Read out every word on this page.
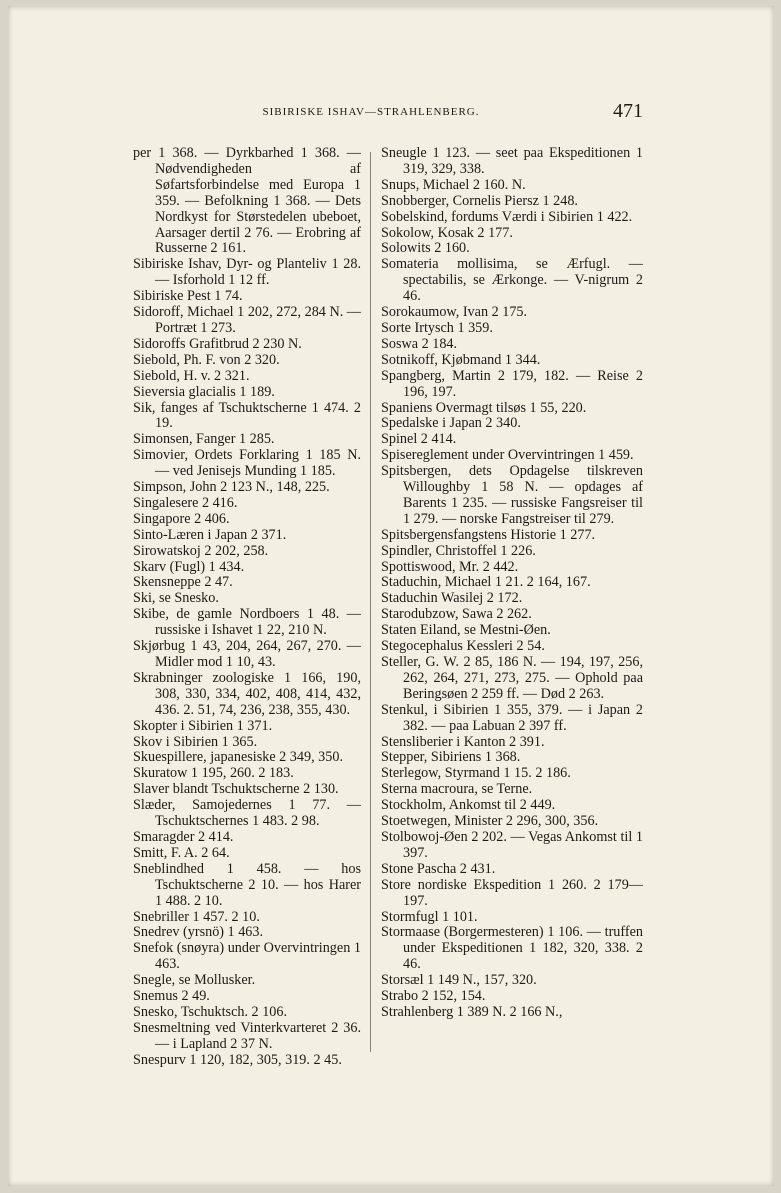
SIBIRISKE ISHAV—STRAHLENBERG.	471

per 1 368. — Dyrkbarhed 1 368. — Nødvendigheden af Søfartsforbindelse med Europa 1 359. — Befolkning 1 368. — Dets Nordkyst for Størstedelen ubeboet, Aarsager dertil 2 76. — Erobring af Russerne 2 161.

Sibiriske Ishav, Dyr- og Planteliv 1 28. — Isforhold 1 12 ff.

Sibiriske Pest 1 74.

Sidoroff, Michael 1 202, 272, 284 N. — Portræt 1 273.

Sidoroffs Grafitbrud 2 230 N.

Siebold, Ph. F. von 2 320.

Siebold, H. v. 2 321.

Sieversia glacialis 1 189.

Sik, fanges af Tschuktscherne 1 474. 2 19.

Simonsen, Fanger 1 285.

Simovier, Ordets Forklaring 1 185 N. — ved Jenisejs Munding 1 185.

Simpson, John 2 123 N., 148, 225.

Singalesere 2 416.

Singapore 2 406.

Sinto-Læren i Japan 2 371.

Sirowatskoj 2 202, 258.

Skarv (Fugl) 1 434.

Skensneppe 2 47.

Ski, se Snesko.

Skibe, de gamle Nordboers 1 48. — russiske i Ishavet 1 22, 210 N.

Skjørbug 1 43, 204, 264, 267, 270. — Midler mod 1 10, 43.

Skrabninger zoologiske 1 166, 190, 308, 330, 334, 402, 408, 414, 432, 436. 2. 51, 74, 236, 238, 355, 430.

Skopter i Sibirien 1 371.

Skov i Sibirien 1 365.

Skuespillere, japanesiske 2 349, 350.

Skuratow 1 195, 260. 2 183.

Slaver blandt Tschuktscherne 2 130.

Slæder, Samojedernes 1 77. — Tschuktschernes 1 483. 2 98.

Smaragder 2 414.

Smitt, F. A. 2 64.

Sneblindhed 1 458. — hos Tschuktscherne 2 10. — hos Harer 1 488. 2 10.

Snebriller 1 457. 2 10.

Snedrev (yrsnö) 1 463.

Snefok (snøyra) under Overvintringen 1 463.

Snegle, se Mollusker.

Snemus 2 49.

Snesko, Tschuktsch. 2 106.

Snesmeltning ved Vinterkvarteret 2 36. — i Lapland 2 37 N.

Snespurv 1 120, 182, 305, 319. 2 45.

Sneugle 1 123. — seet paa Ekspeditionen 1 319, 329, 338.

Snups, Michael 2 160. N.

Snobberger, Cornelis Piersz 1 248.

Sobelskind, fordums Værdi i Sibirien 1 422.

Sokolow, Kosak 2 177.

Solowits 2 160.

Somateria mollisima, se Ærfugl. — spectabilis, se Ærkonge. — V-nigrum 2 46.

Sorokaumow, Ivan 2 175.

Sorte Irtysch 1 359.

Soswa 2 184.

Sotnikoff, Kjøbmand 1 344.

Spangberg, Martin 2 179, 182. — Reise 2 196, 197.

Spaniens Overmagt tilsøs 1 55, 220.

Spedalske i Japan 2 340.

Spinel 2 414.

Spisereglement under Overvintringen 1 459.

Spitsbergen, dets Opdagelse tilskreven Willoughby 1 58 N. — opdages af Barents 1 235. — russiske Fangsreiser til 1 279. — norske Fangstreiser til 279.

Spitsbergensfangstens Historie 1 277.

Spindler, Christoffel 1 226.

Spottiswood, Mr. 2 442.

Staduchin, Michael 1 21. 2 164, 167.

Staduchin Wasilej 2 172.

Starodubzow, Sawa 2 262.

Staten Eiland, se Mestni-Øen.

Stegocephalus Kessleri 2 54.

Steller, G. W. 2 85, 186 N. — 194, 197, 256, 262, 264, 271, 273, 275. — Ophold paa Beringsøen 2 259 ff. — Død 2 263.

Stenkul, i Sibirien 1 355, 379. — i Japan 2 382. — paa Labuan 2 397 ff.

Stensliberier i Kanton 2 391.

Stepper, Sibiriens 1 368.

Sterlegow, Styrmand 1 15. 2 186.

Sterna macroura, se Terne.

Stockholm, Ankomst til 2 449.

Stoetwegen, Minister 2 296, 300, 356.

Stolbowoj-Øen 2 202. — Vegas Ankomst til 1 397.

Stone Pascha 2 431.

Store nordiske Ekspedition 1 260. 2 179—197.

Stormfugl 1 101.

Stormaase (Borgermesteren) 1 106. — truffen under Ekspeditionen 1 182, 320, 338. 2 46.

Storsæl 1 149 N., 157, 320.

Strabo 2 152, 154.

Strahlenberg 1 389 N. 2 166 N.,
